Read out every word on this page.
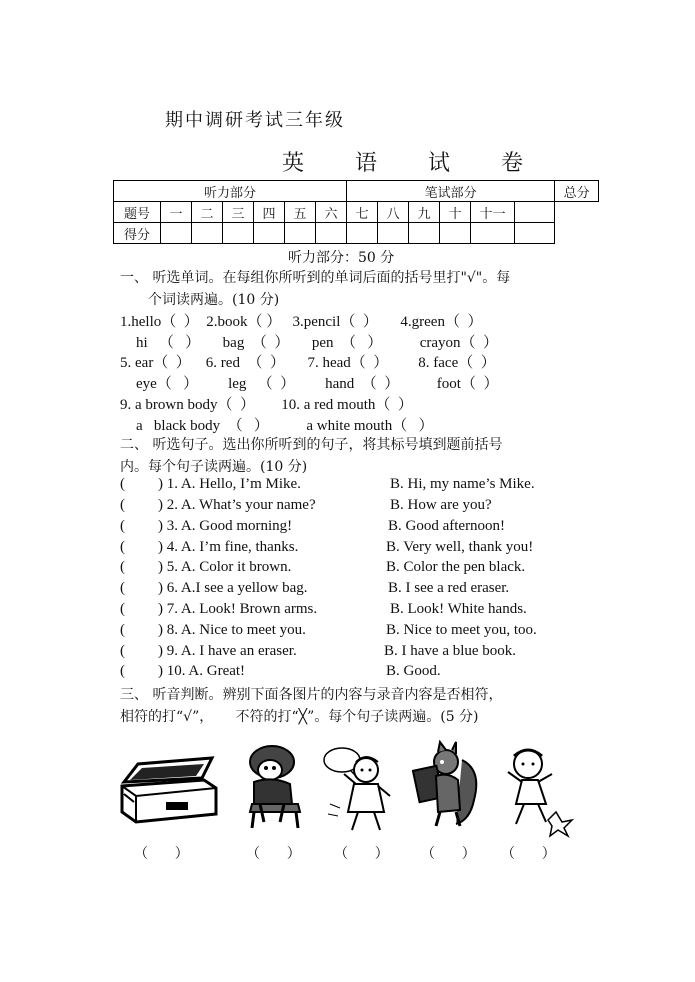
期中调研考试三年级
英 语 试 卷
听力部分							笔试部分						总分
题号	一	二	三	四	五	六	七	八	九	十	十一		
得分													
听力部分：50 分
一、 听选单词。在每组你所听到的单词后面的括号里打"√"。每
个词读两遍。(10 分)
1.hello（  ）  2.book（ ）   3.pencil（  ）      4.green（  ）
hi   （   ）      bag  （  ）      pen  （   ）          crayon（  ）
5. ear（  ）    6. red  （  ）      7. head（  ）        8. face（  ）
eye（   ）        leg   （  ）        hand  （  ）          foot（  ）
9. a brown body（  ）       10. a red mouth（  ）
a   black body  （   ）          a white mouth（   ）
二、 听选句子。选出你所听到的句子，将其标号填到题前括号
内。每个句子读两遍。(10 分)
( ) 1. A. Hello, I’m Mike.	B. Hi, my name’s Mike.
( ) 2. A. What’s your name?	B. How are you?
( ) 3. A. Good morning!	B. Good afternoon!
( ) 4. A. I’m fine, thanks.	B. Very well, thank you!
( ) 5. A. Color it brown.	B. Color the pen black.
( ) 6. A.I see a yellow bag.	B. I see a red eraser.
( ) 7. A. Look! Brown arms.	B. Look! White hands.
( ) 8. A. Nice to meet you.	B. Nice to meet you, too.
( ) 9. A. I have an eraser.	B. I have a blue book.
( ) 10. A. Great!	B. Good.
三、 听音判断。辨别下面各图片的内容与录音内容是否相符，
相符的打“√”，     不符的打“╳”。每个句子读两遍。(5 分)
（      ）	（      ） （      ） （      ） （      ）
